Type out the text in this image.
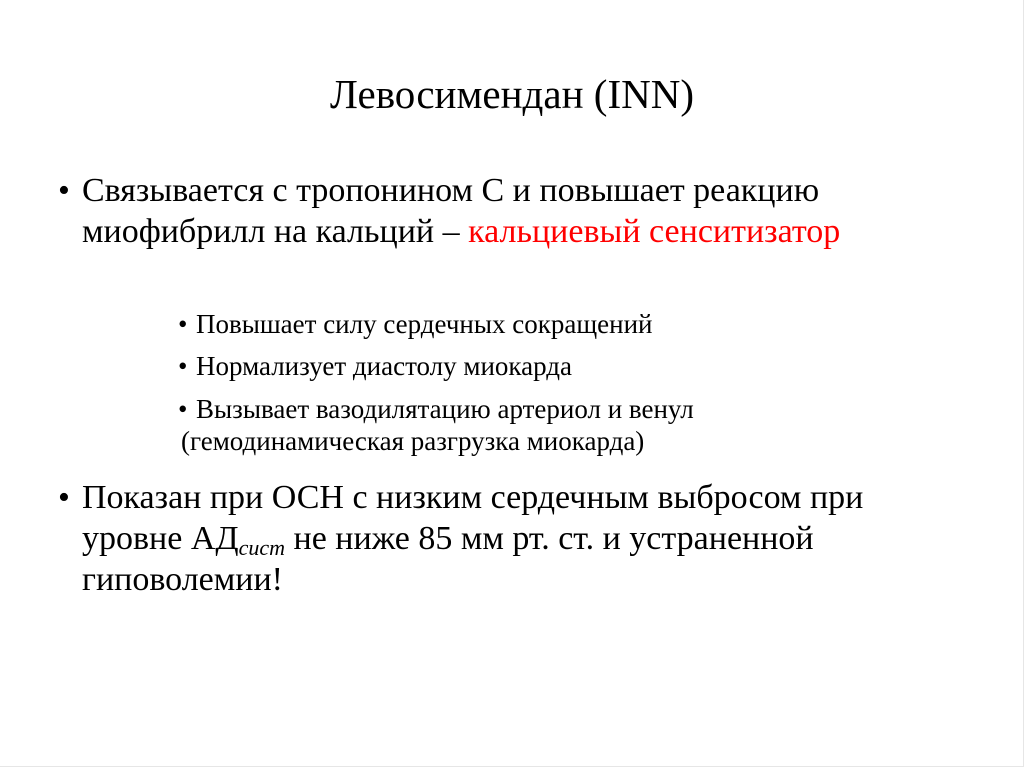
Левосимендан (INN)

• Связывается с тропонином С и повышает реакцию миофибрилл на кальций – кальциевый сенситизатор

• Повышает силу сердечных сокращений

• Нормализует диастолу миокарда

• Вызывает вазодилятацию артериол и венул
(гемодинамическая разгрузка миокарда)

• Показан при ОСН с низким сердечным выбросом при уровне $АД_{сист}$ не ниже 85 мм рт. ст. и устраненной гиповолемии!
